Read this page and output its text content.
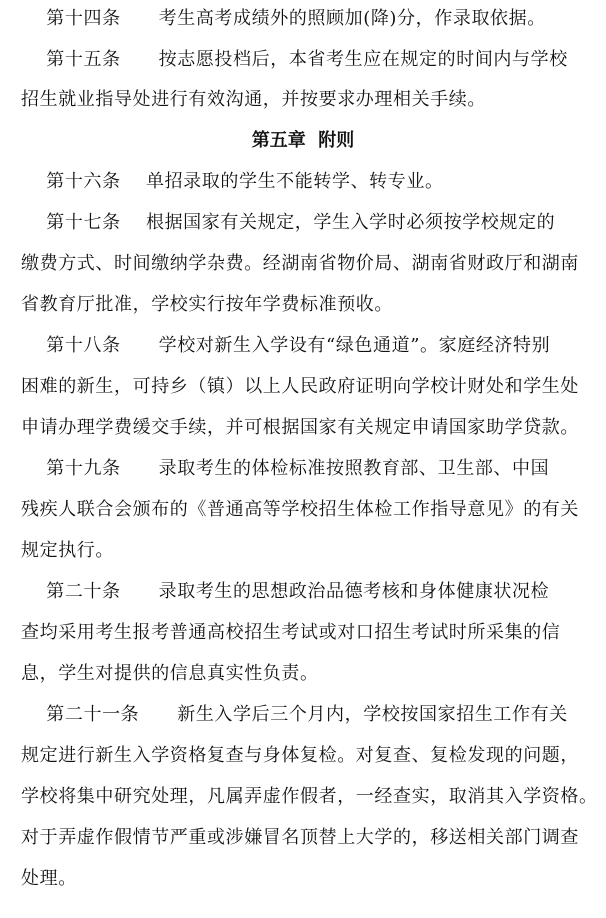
第十四条      考生高考成绩外的照顾加(降)分，作录取依据。
第十五条      按志愿投档后，本省考生应在规定的时间内与学校
招生就业指导处进行有效沟通，并按要求办理相关手续。
第五章  附则
第十六条    单招录取的学生不能转学、转专业。
第十七条    根据国家有关规定，学生入学时必须按学校规定的
缴费方式、时间缴纳学杂费。经湖南省物价局、湖南省财政厅和湖南
省教育厅批准，学校实行按年学费标准预收。
第十八条      学校对新生入学设有“绿色通道”。家庭经济特别
困难的新生，可持乡（镇）以上人民政府证明向学校计财处和学生处
申请办理学费缓交手续，并可根据国家有关规定申请国家助学贷款。
第十九条      录取考生的体检标准按照教育部、卫生部、中国
残疾人联合会颁布的《普通高等学校招生体检工作指导意见》的有关
规定执行。
第二十条      录取考生的思想政治品德考核和身体健康状况检
查均采用考生报考普通高校招生考试或对口招生考试时所采集的信
息，学生对提供的信息真实性负责。
第二十一条      新生入学后三个月内，学校按国家招生工作有关
规定进行新生入学资格复查与身体复检。对复查、复检发现的问题，
学校将集中研究处理，凡属弄虚作假者，一经查实，取消其入学资格。
对于弄虚作假情节严重或涉嫌冒名顶替上大学的，移送相关部门调查
处理。
